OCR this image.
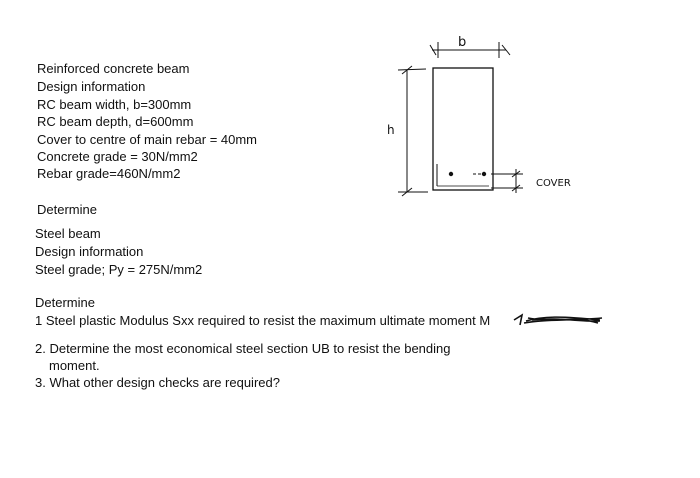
Reinforced concrete beam
Design information
RC beam width, b=300mm
RC beam depth, d=600mm
Cover to centre of main rebar = 40mm
Concrete grade = 30N/mm2
Rebar grade=460N/mm2
Determine
Steel beam
Design information
Steel grade; Py = 275N/mm2
Determine
1 Steel plastic Modulus Sxx required to resist the maximum ultimate moment M
2. Determine the most economical steel section UB to resist the bending
moment.
3. What other design checks are required?
b
h
COVER
